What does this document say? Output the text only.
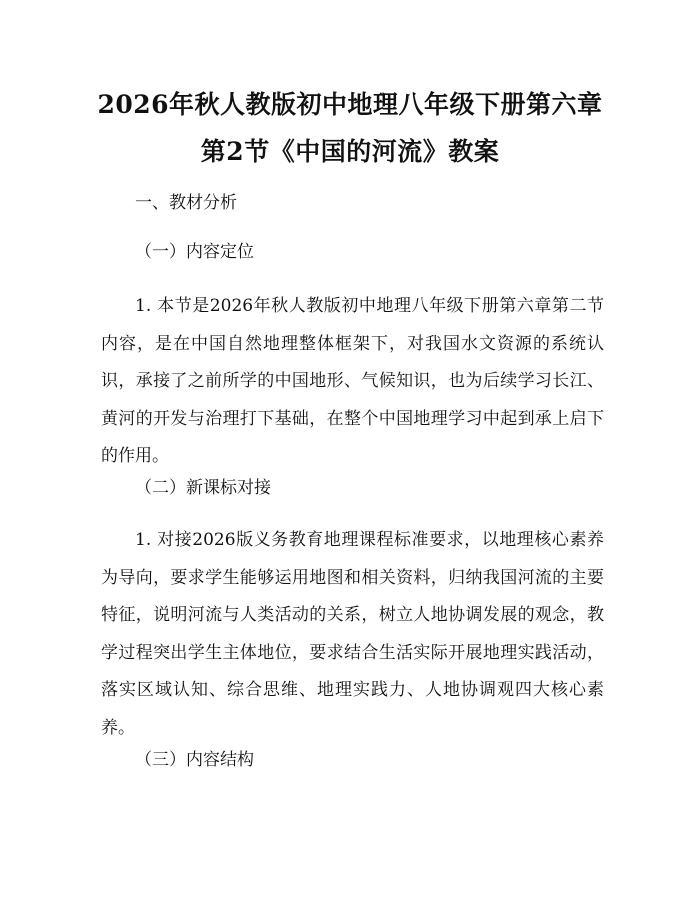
2026年秋人教版初中地理八年级下册第六章
第2节《中国的河流》教案
一、教材分析
（一）内容定位
1. 本节是2026年秋人教版初中地理八年级下册第六章第二节内容，是在中国自然地理整体框架下，对我国水文资源的系统认识，承接了之前所学的中国地形、气候知识，也为后续学习长江、黄河的开发与治理打下基础，在整个中国地理学习中起到承上启下的作用。
（二）新课标对接
1. 对接2026版义务教育地理课程标准要求，以地理核心素养为导向，要求学生能够运用地图和相关资料，归纳我国河流的主要特征，说明河流与人类活动的关系，树立人地协调发展的观念，教学过程突出学生主体地位，要求结合生活实际开展地理实践活动，落实区域认知、综合思维、地理实践力、人地协调观四大核心素养。
（三）内容结构
